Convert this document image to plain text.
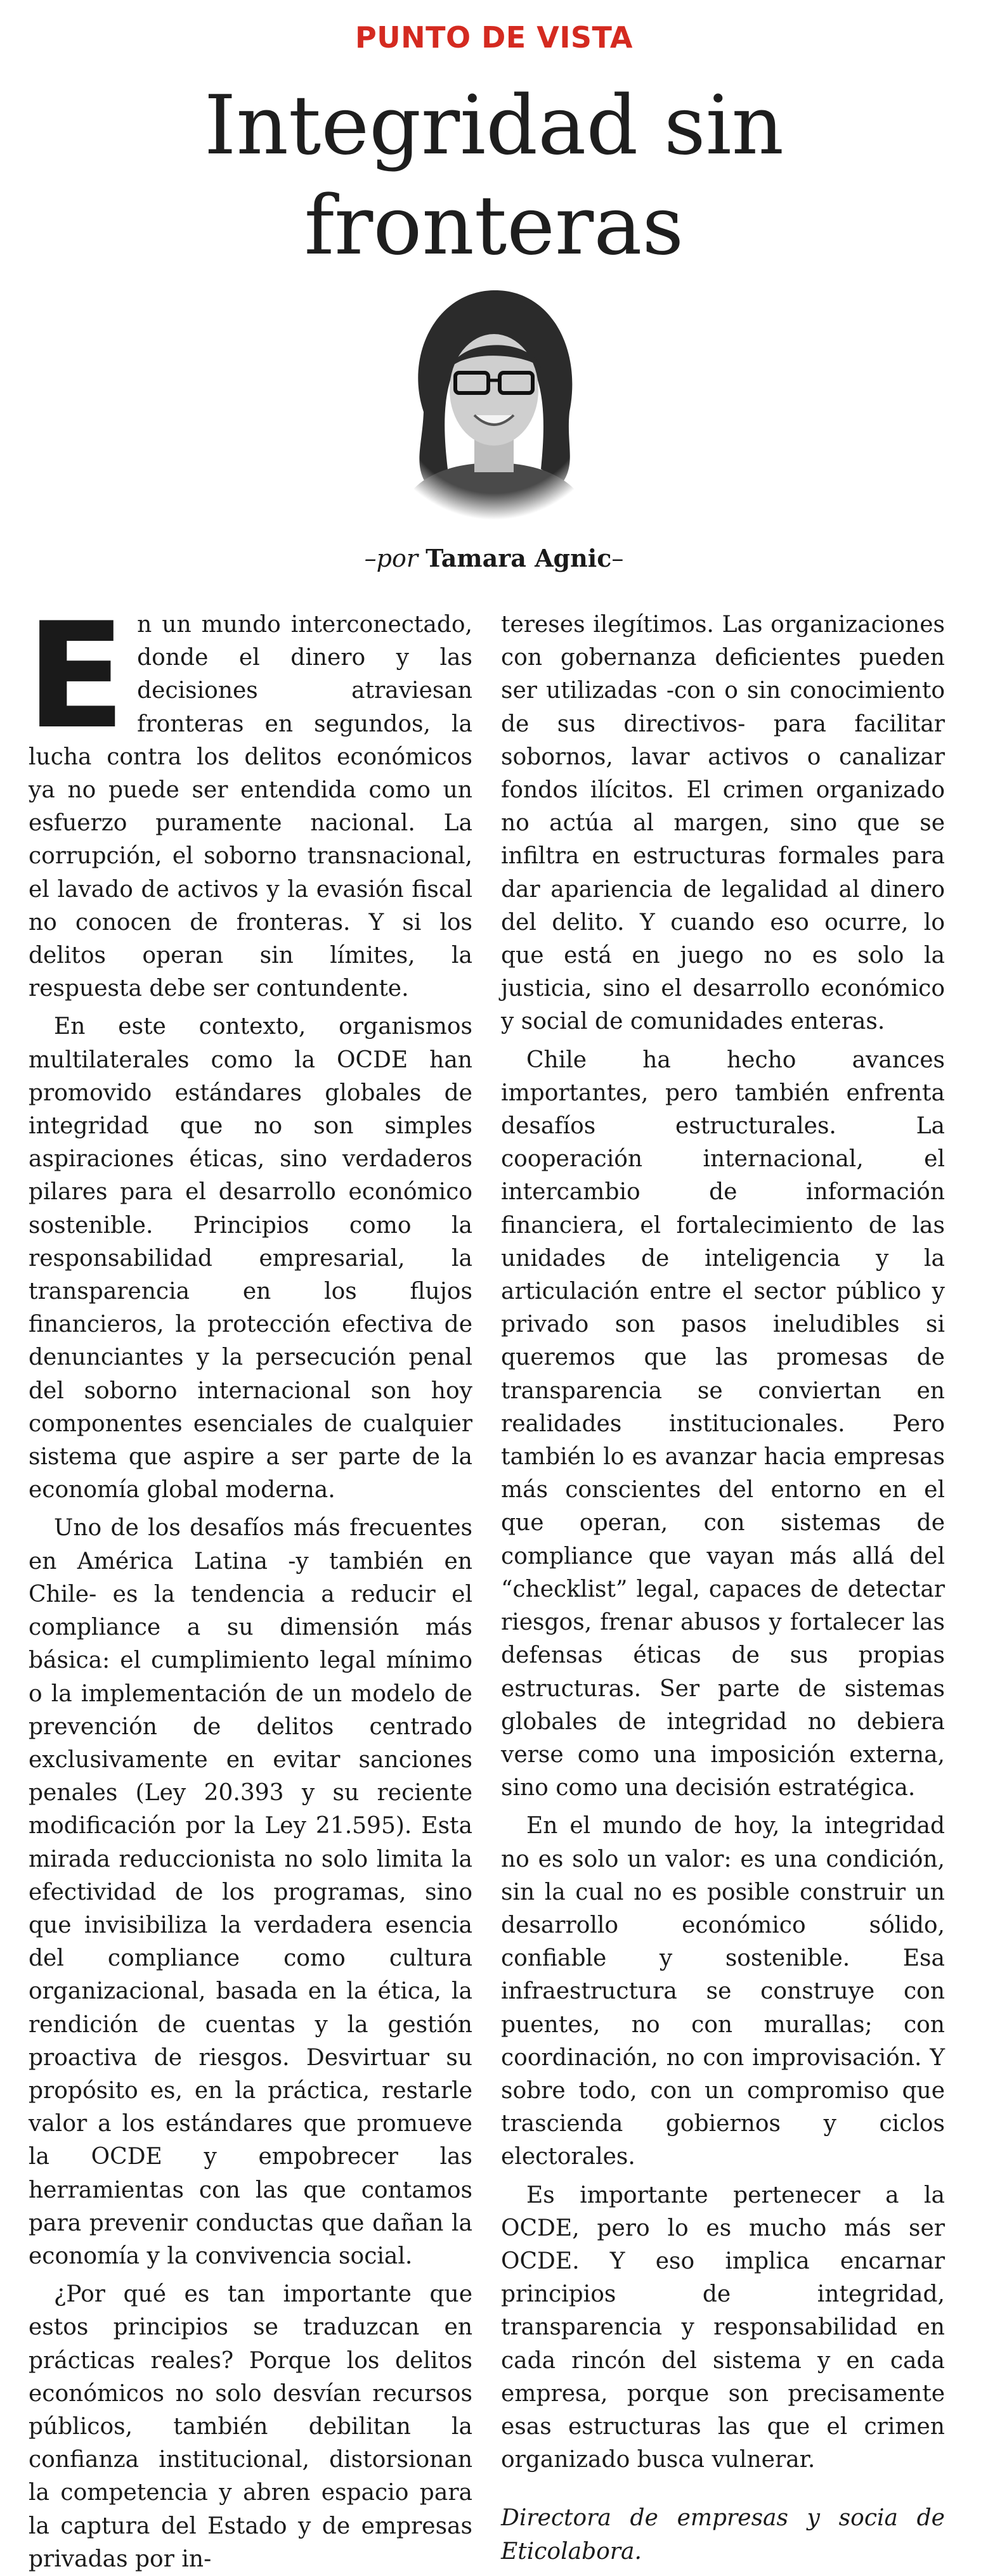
PUNTO DE VISTA
Integridad sin fronteras
–por Tamara Agnic–

En un mundo interconectado, donde el dinero y las decisiones atraviesan fronteras en segundos, la lucha contra los delitos económicos ya no puede ser entendida como un esfuerzo puramente nacional. La corrupción, el soborno transnacional, el lavado de activos y la evasión fiscal no conocen de fronteras. Y si los delitos operan sin límites, la respuesta debe ser contundente.

En este contexto, organismos multilaterales como la OCDE han promovido estándares globales de integridad que no son simples aspiraciones éticas, sino verdaderos pilares para el desarrollo económico sostenible. Principios como la responsabilidad empresarial, la transparencia en los flujos financieros, la protección efectiva de denunciantes y la persecución penal del soborno internacional son hoy componentes esenciales de cualquier sistema que aspire a ser parte de la economía global moderna.

Uno de los desafíos más frecuentes en América Latina -y también en Chile- es la tendencia a reducir el compliance a su dimensión más básica: el cumplimiento legal mínimo o la implementación de un modelo de prevención de delitos centrado exclusivamente en evitar sanciones penales (Ley 20.393 y su reciente modificación por la Ley 21.595). Esta mirada reduccionista no solo limita la efectividad de los programas, sino que invisibiliza la verdadera esencia del compliance como cultura organizacional, basada en la ética, la rendición de cuentas y la gestión proactiva de riesgos. Desvirtuar su propósito es, en la práctica, restarle valor a los estándares que promueve la OCDE y empobrecer las herramientas con las que contamos para prevenir conductas que dañan la economía y la convivencia social.

¿Por qué es tan importante que estos principios se traduzcan en prácticas reales? Porque los delitos económicos no solo desvían recursos públicos, también debilitan la confianza institucional, distorsionan la competencia y abren espacio para la captura del Estado y de empresas privadas por in-

tereses ilegítimos. Las organizaciones con gobernanza deficientes pueden ser utilizadas -con o sin conocimiento de sus directivos- para facilitar sobornos, lavar activos o canalizar fondos ilícitos. El crimen organizado no actúa al margen, sino que se infiltra en estructuras formales para dar apariencia de legalidad al dinero del delito. Y cuando eso ocurre, lo que está en juego no es solo la justicia, sino el desarrollo económico y social de comunidades enteras.

Chile ha hecho avances importantes, pero también enfrenta desafíos estructurales. La cooperación internacional, el intercambio de información financiera, el fortalecimiento de las unidades de inteligencia y la articulación entre el sector público y privado son pasos ineludibles si queremos que las promesas de transparencia se conviertan en realidades institucionales. Pero también lo es avanzar hacia empresas más conscientes del entorno en el que operan, con sistemas de compliance que vayan más allá del “checklist” legal, capaces de detectar riesgos, frenar abusos y fortalecer las defensas éticas de sus propias estructuras. Ser parte de sistemas globales de integridad no debiera verse como una imposición externa, sino como una decisión estratégica.

En el mundo de hoy, la integridad no es solo un valor: es una condición, sin la cual no es posible construir un desarrollo económico sólido, confiable y sostenible. Esa infraestructura se construye con puentes, no con murallas; con coordinación, no con improvisación. Y sobre todo, con un compromiso que trascienda gobiernos y ciclos electorales.

Es importante pertenecer a la OCDE, pero lo es mucho más ser OCDE. Y eso implica encarnar principios de integridad, transparencia y responsabilidad en cada rincón del sistema y en cada empresa, porque son precisamente esas estructuras las que el crimen organizado busca vulnerar.

Directora de empresas y socia de Eticolabora.
